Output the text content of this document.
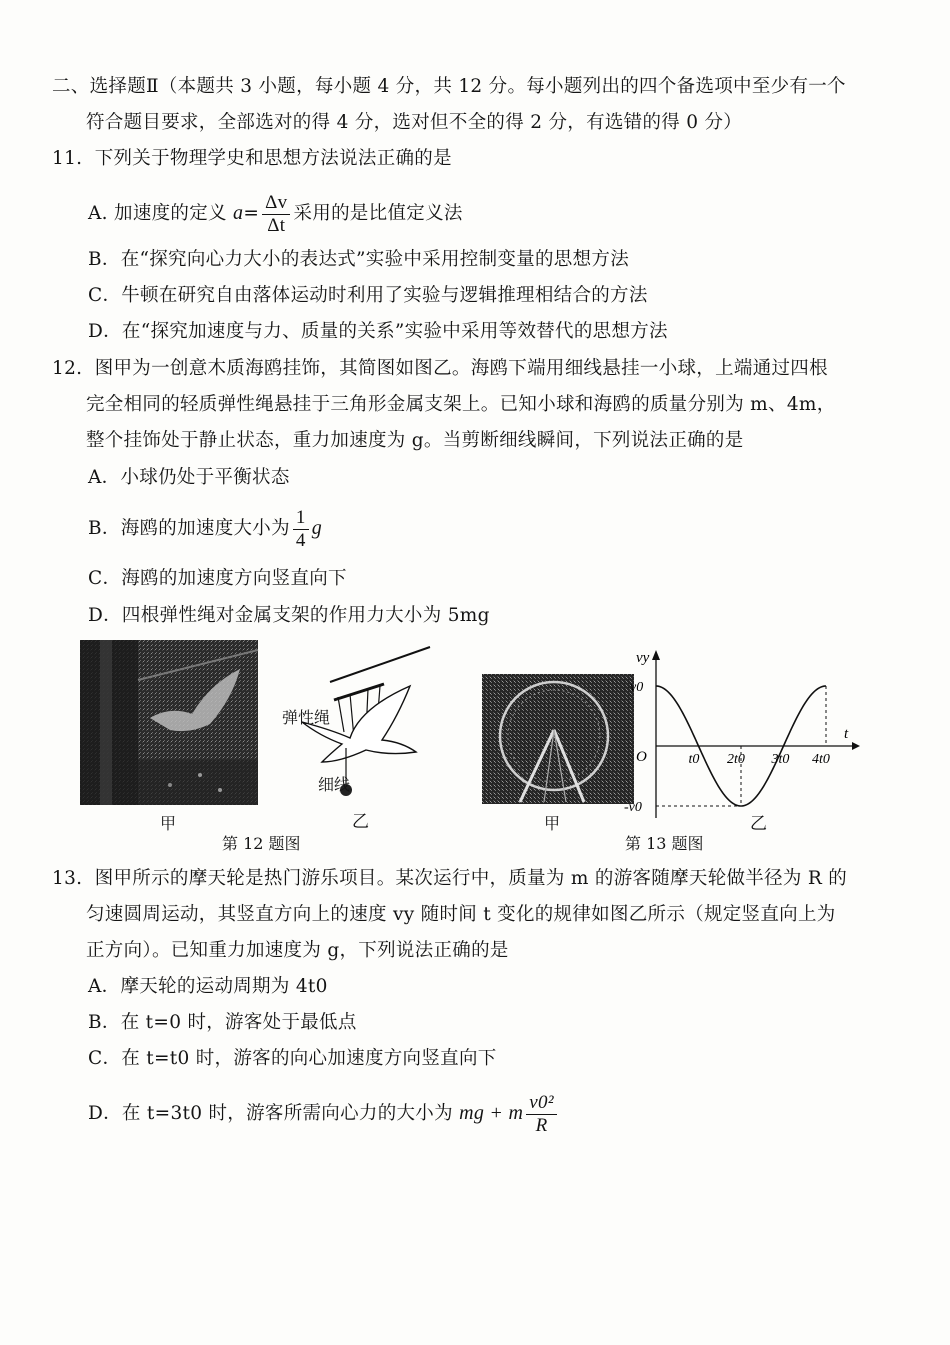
二、选择题Ⅱ（本题共 3 小题，每小题 4 分，共 12 分。每小题列出的四个备选项中至少有一个
符合题目要求，全部选对的得 4 分，选对但不全的得 2 分，有选错的得 0 分）
11. 下列关于物理学史和思想方法说法正确的是
A. 加速度的定义 $a= \frac{\Delta v}{\Delta t}$ 采用的是比值定义法
B．在“探究向心力大小的表达式”实验中采用控制变量的思想方法
C．牛顿在研究自由落体运动时利用了实验与逻辑推理相结合的方法
D．在“探究加速度与力、质量的关系”实验中采用等效替代的思想方法
12. 图甲为一创意木质海鸥挂饰，其简图如图乙。海鸥下端用细线悬挂一小球，上端通过四根
完全相同的轻质弹性绳悬挂于三角形金属支架上。已知小球和海鸥的质量分别为 m、4m，
整个挂饰处于静止状态，重力加速度为 g。当剪断细线瞬间，下列说法正确的是
A．小球仍处于平衡状态
B．海鸥的加速度大小为 $\frac{1}{4}$ g
C．海鸥的加速度方向竖直向下
D．四根弹性绳对金属支架的作用力大小为 5mg
甲
弹性绳
细线
乙
第 12 题图
甲
vy
t
O
v0
-v0
t0 2t0 3t0 4t0
乙
第 13 题图
13. 图甲所示的摩天轮是热门游乐项目。某次运行中，质量为 m 的游客随摩天轮做半径为 R 的
匀速圆周运动，其竖直方向上的速度 vy 随时间 t 变化的规律如图乙所示（规定竖直向上为
正方向）。已知重力加速度为 g，下列说法正确的是
A．摩天轮的运动周期为 4t0
B．在 t=0 时，游客处于最低点
C．在 t=t0 时，游客的向心加速度方向竖直向下
D．在 t=3t0 时，游客所需向心力的大小为 mg + m $\frac{\text{v0²}}{R}$
